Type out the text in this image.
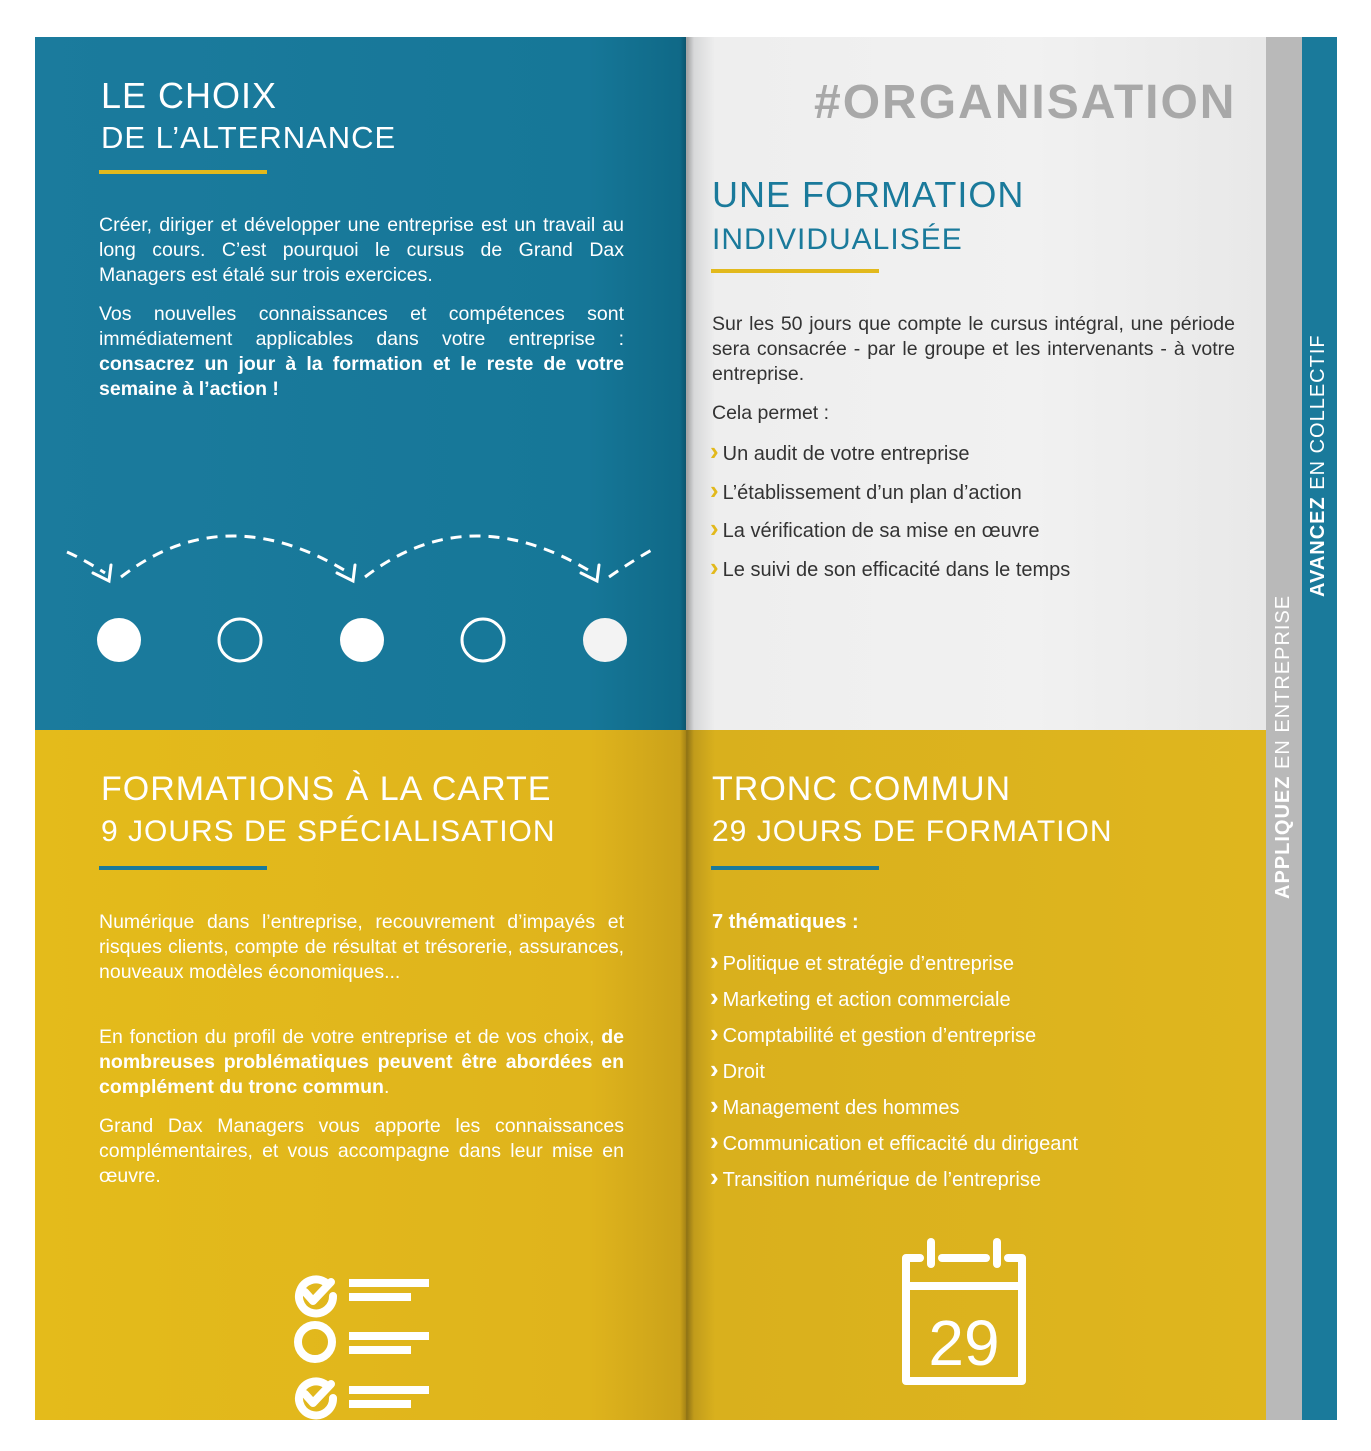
LE CHOIX
DE L’ALTERNANCE

Créer, diriger et développer une entreprise est un travail au long cours. C’est pourquoi le cursus de Grand Dax Managers est étalé sur trois exercices.

Vos nouvelles connaissances et compétences sont immédiatement applicables dans votre entreprise : consacrez un jour à la formation et le reste de votre semaine à l’action !

FORMATIONS À LA CARTE
9 JOURS DE SPÉCIALISATION

Numérique dans l’entreprise, recouvrement d’impayés et risques clients, compte de résultat et trésorerie, assurances, nouveaux modèles économiques...

En fonction du profil de votre entreprise et de vos choix, de nombreuses problématiques peuvent être abordées en complément du tronc commun.

Grand Dax Managers vous apporte les connaissances complémentaires, et vous accompagne dans leur mise en œuvre.

#ORGANISATION
UNE FORMATION
INDIVIDUALISÉE

Sur les 50 jours que compte le cursus intégral, une période sera consacrée - par le groupe et les intervenants - à votre entreprise.

Cela permet :

› Un audit de votre entreprise

› L’établissement d’un plan d’action

› La vérification de sa mise en œuvre

› Le suivi de son efficacité dans le temps

TRONC COMMUN
29 JOURS DE FORMATION

7 thématiques :

› Politique et stratégie d’entreprise

› Marketing et action commerciale

› Comptabilité et gestion d’entreprise

› Droit

› Management des hommes

› Communication et efficacité du dirigeant

› Transition numérique de l’entreprise

29
APPLIQUEZ EN ENTREPRISE
AVANCEZ EN COLLECTIF
